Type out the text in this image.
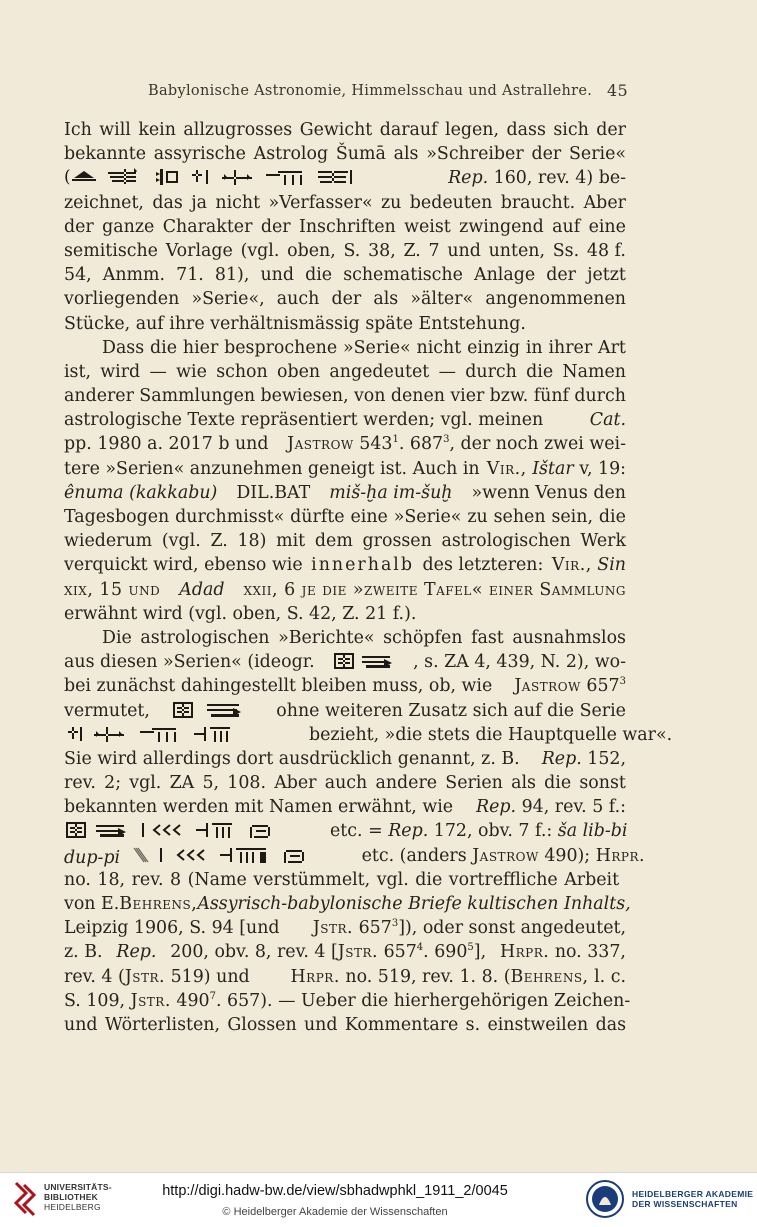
Babylonische Astronomie, Himmelsschau und Astrallehre. 45
Ich will kein allzugrosses Gewicht darauf legen, dass sich der
bekannte assyrische Astrolog Šumā als »Schreiber der Serie«
(	Rep. 160, rev. 4) be-
zeichnet, das ja nicht »Verfasser« zu bedeuten braucht. Aber
der ganze Charakter der Inschriften weist zwingend auf eine
semitische Vorlage (vgl. oben, S. 38, Z. 7 und unten, Ss. 48 f.
54, Anmm. 71. 81), und die schematische Anlage der jetzt
vorliegenden »Serie«, auch der als »älter« angenommenen
Stücke, auf ihre verhältnismässig späte Entstehung.
Dass die hier besprochene »Serie« nicht einzig in ihrer Art
ist, wird — wie schon oben angedeutet — durch die Namen
anderer Sammlungen bewiesen, von denen vier bzw. fünf durch
astrologische Texte repräsentiert werden; vgl. meinen	Cat.
pp. 1980 a. 2017 b und Jastrow $543^1$. $687^3$, der noch zwei wei-
tere »Serien« anzunehmen geneigt ist. Auch in Vir., Ištar v, 19:
ênuma (kakkabu) DIL.BAT miš-ḫa im-šuḫ »wenn Venus den
Tagesbogen durchmisst« dürfte eine »Serie« zu sehen sein, die
wiederum (vgl. Z. 18) mit dem grossen astrologischen Werk
verquickt wird, ebenso wie innerhalb des letzteren: Vir., Sin
xix, 15 und Adad xxii, 6 je die »zweite Tafel« einer Sammlung
erwähnt wird (vgl. oben, S. 42, Z. 21 f.).
Die astrologischen »Berichte« schöpfen fast ausnahmslos
aus diesen »Serien« (ideogr.	, s. ZA 4, 439, N. 2), wo-
bei zunächst dahingestellt bleiben muss, ob, wie Jastrow $657^3$
vermutet,	ohne weiteren Zusatz sich auf die Serie
bezieht, »die stets die Hauptquelle war«.
Sie wird allerdings dort ausdrücklich genannt, z. B. Rep. 152,
rev. 2; vgl. ZA 5, 108. Aber auch andere Serien als die sonst
bekannten werden mit Namen erwähnt, wie Rep. 94, rev. 5 f.:
etc. = Rep. 172, obv. 7 f.: ša lib-bi
dup-pi	etc. (anders Jastrow 490); Hrpr.
no. 18, rev. 8 (Name verstümmelt, vgl. die vortreffliche Arbeit
von E. Behrens, Assyrisch-babylonische Briefe kultischen Inhalts,
Leipzig 1906, S. 94 [und Jstr. $657^3$]), oder sonst angedeutet,
z. B. Rep. 200, obv. 8, rev. 4 [Jstr. $657^4$. $690^5$], Hrpr. no. 337,
rev. 4 (Jstr. 519) und Hrpr. no. 519, rev. 1. 8. (Behrens, l. c.
S. 109, Jstr. $490^7$. 657). — Ueber die hierhergehörigen Zeichen-
und Wörterlisten, Glossen und Kommentare s. einstweilen das
UNIVERSITÄTS-
BIBLIOTHEK
HEIDELBERG
http://digi.hadw-bw.de/view/sbhadwphkl_1911_2/0045
© Heidelberger Akademie der Wissenschaften
HEIDELBERGER AKADEMIE
DER WISSENSCHAFTEN
